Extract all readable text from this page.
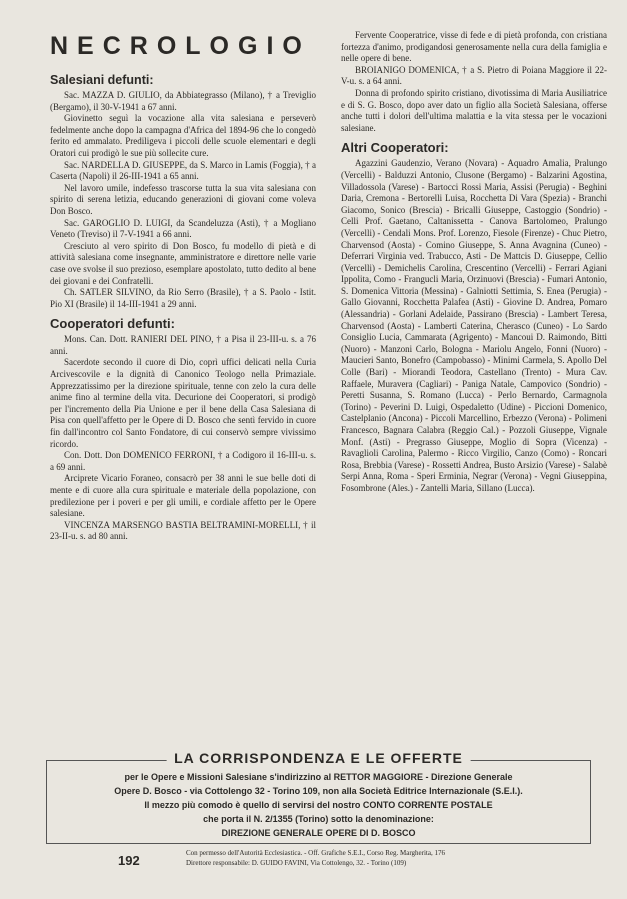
NECROLOGIO
Salesiani defunti:

Sac. MAZZA D. GIULIO, da Abbiategrasso (Milano), † a Treviglio (Bergamo), il 30-V-1941 a 67 anni.

Giovinetto seguì la vocazione alla vita salesiana e perseverò fedelmente anche dopo la campagna d'Africa del 1894-96 che lo congedò ferito ed ammalato. Prediligeva i piccoli delle scuole elementari e degli Oratori cui prodigò le sue più sollecite cure.

Sac. NARDELLA D. GIUSEPPE, da S. Marco in Lamis (Foggia), † a Caserta (Napoli) il 26-III-1941 a 65 anni.

Nel lavoro umile, indefesso trascorse tutta la sua vita salesiana con spirito di serena letizia, educando generazioni di giovani come voleva Don Bosco.

Sac. GAROGLIO D. LUIGI, da Scandeluzza (Asti), † a Mogliano Veneto (Treviso) il 7-V-1941 a 66 anni.

Cresciuto al vero spirito di Don Bosco, fu modello di pietà e di attività salesiana come insegnante, amministratore e direttore nelle varie case ove svolse il suo prezioso, esemplare apostolato, tutto dedito al bene dei giovani e dei Confratelli.

Ch. SATLER SILVINO, da Rio Serro (Brasile), † a S. Paolo - Istit. Pio XI (Brasile) il 14-III-1941 a 29 anni.

Cooperatori defunti:

Mons. Can. Dott. RANIERI DEL PINO, † a Pisa il 23-III-u. s. a 76 anni.

Sacerdote secondo il cuore di Dio, coprì uffici delicati nella Curia Arcivescovile e la dignità di Canonico Teologo nella Primaziale. Apprezzatissimo per la direzione spirituale, tenne con zelo la cura delle anime fino al termine della vita. Decurione dei Cooperatori, si prodigò per l'incremento della Pia Unione e per il bene della Casa Salesiana di Pisa con quell'affetto per le Opere di D. Bosco che sentì fervido in cuore fin dall'incontro col Santo Fondatore, di cui conservò sempre vivissimo ricordo.

Con. Dott. Don DOMENICO FERRONI, † a Codigoro il 16-III-u. s. a 69 anni.

Arciprete Vicario Foraneo, consacrò per 38 anni le sue belle doti di mente e di cuore alla cura spirituale e materiale della popolazione, con predilezione per i poveri e per gli umili, e cordiale affetto per le Opere salesiane.

VINCENZA MARSENGO BASTIA BELTRAMINI-MORELLI, † il 23-II-u. s. ad 80 anni.

Fervente Cooperatrice, visse di fede e di pietà profonda, con cristiana fortezza d'animo, prodigandosi generosamente nella cura della famiglia e nelle opere di bene.

BROIANIGO DOMENICA, † a S. Pietro di Poiana Maggiore il 22-V-u. s. a 64 anni.

Donna di profondo spirito cristiano, divotissima di Maria Ausiliatrice e di S. G. Bosco, dopo aver dato un figlio alla Società Salesiana, offerse anche tutti i dolori dell'ultima malattia e la vita stessa per le vocazioni salesiane.

Altri Cooperatori:

Agazzini Gaudenzio, Verano (Novara) - Aquadro Amalia, Pralungo (Vercelli) - Balduzzi Antonio, Clusone (Bergamo) - Balzarini Agostina, Villadossola (Varese) - Bartocci Rossi Maria, Assisi (Perugia) - Beghini Daria, Cremona - Bertorelli Luisa, Rocchetta Di Vara (Spezia) - Branchi Giacomo, Sonico (Brescia) - Bricalli Giuseppe, Castoggio (Sondrio) - Celli Prof. Gaetano, Caltanissetta - Canova Bartolomeo, Pralungo (Vercelli) - Cendali Mons. Prof. Lorenzo, Fiesole (Firenze) - Chuc Pietro, Charvensod (Aosta) - Comino Giuseppe, S. Anna Avagnina (Cuneo) - Deferrari Virginia ved. Trabucco, Asti - De Mattcis D. Giuseppe, Cellio (Vercelli) - Demichelis Carolina, Crescentino (Vercelli) - Ferrari Agiani Ippolita, Como - Frangucli Maria, Orzinuovi (Brescia) - Fumari Antonio, S. Domenica Vittoria (Messina) - Galniotti Settimia, S. Enea (Perugia) - Gallo Giovanni, Rocchetta Palafea (Asti) - Giovine D. Andrea, Pomaro (Alessandria) - Gorlani Adelaide, Passirano (Brescia) - Lambert Teresa, Charvensod (Aosta) - Lamberti Caterina, Cherasco (Cuneo) - Lo Sardo Consiglio Lucia, Cammarata (Agrigento) - Mancoui D. Raimondo, Bitti (Nuoro) - Manzoni Carlo, Bologna - Mariolu Angelo, Fonni (Nuoro) - Maucieri Santo, Bonefro (Campobasso) - Minimi Carmela, S. Apollo Del Colle (Bari) - Miorandi Teodora, Castellano (Trento) - Mura Cav. Raffaele, Muravera (Cagliari) - Paniga Natale, Campovico (Sondrio) - Peretti Susanna, S. Romano (Lucca) - Perlo Bernardo, Carmagnola (Torino) - Peverini D. Luigi, Ospedaletto (Udine) - Piccioni Domenico, Castelplanio (Ancona) - Piccoli Marcellino, Erbezzo (Verona) - Polimeni Francesco, Bagnara Calabra (Reggio Cal.) - Pozzoli Giuseppe, Vignale Monf. (Asti) - Pregrasso Giuseppe, Moglio di Sopra (Vicenza) - Ravaglioli Carolina, Palermo - Ricco Virgilio, Canzo (Como) - Roncari Rosa, Brebbia (Varese) - Rossetti Andrea, Busto Arsizio (Varese) - Salabè Serpi Anna, Roma - Speri Erminia, Negrar (Verona) - Vegni Giuseppina, Fosombrone (Ales.) - Zantelli Maria, Sillano (Lucca).

LA CORRISPONDENZA E LE OFFERTE
per le Opere e Missioni Salesiane s'indirizzino al RETTOR MAGGIORE - Direzione Generale
Opere D. Bosco - via Cottolengo 32 - Torino 109, non alla Società Editrice Internazionale (S.E.I.).
Il mezzo più comodo è quello di servirsi del nostro CONTO CORRENTE POSTALE
che porta il N. 2/1355 (Torino) sotto la denominazione:
DIREZIONE GENERALE OPERE DI D. BOSCO
192	Con permesso dell'Autorità Ecclesiastica. - Off. Grafiche S.E.I., Corso Reg. Margherita, 176
Direttore responsabile: D. GUIDO FAVINI, Via Cottolengo, 32. - Torino (109)
